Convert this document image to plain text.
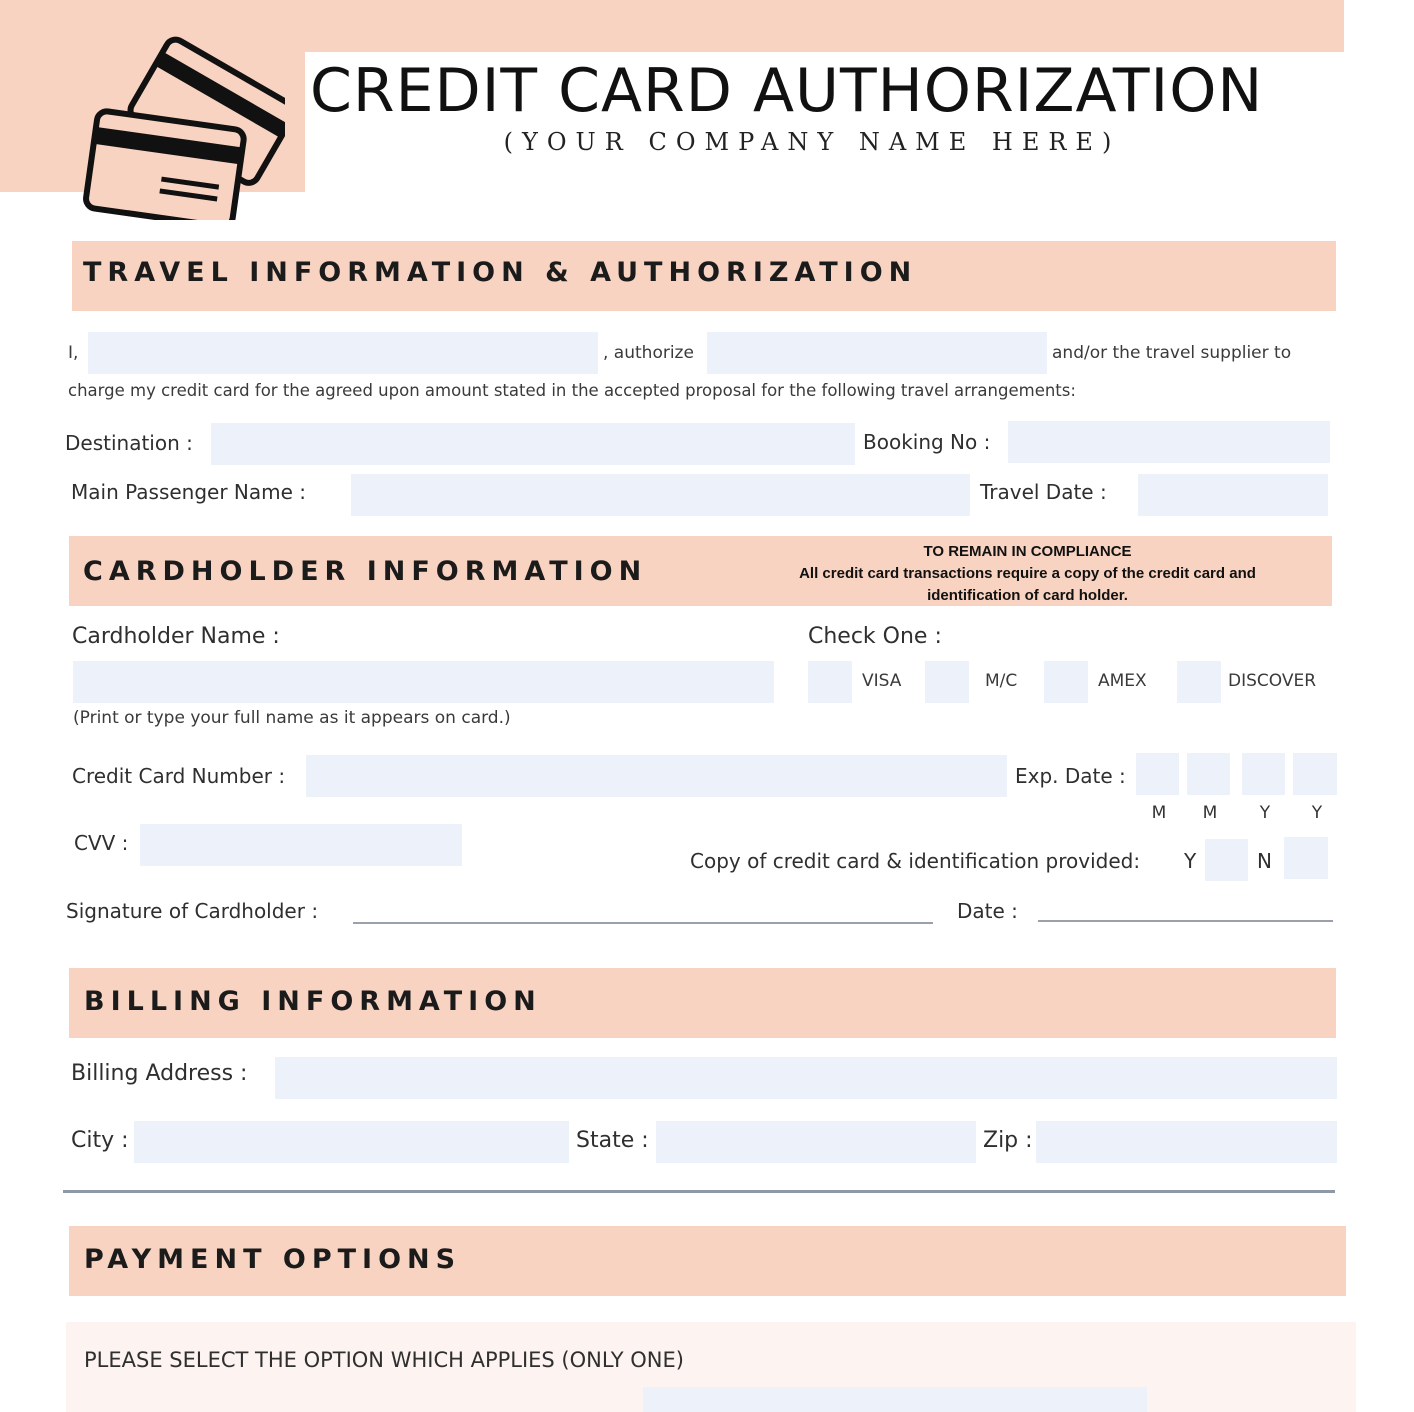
CREDIT CARD AUTHORIZATION
(YOUR COMPANY NAME HERE)
TRAVEL INFORMATION & AUTHORIZATION
I,	, authorize	and/or the travel supplier to
charge my credit card for the agreed upon amount stated in the accepted proposal for the following travel arrangements:
Destination :	Booking No :
Main Passenger Name :	Travel Date :
CARDHOLDER INFORMATION
TO REMAIN IN COMPLIANCE
All credit card transactions require a copy of the credit card and
identification of card holder.
Cardholder Name :	Check One :
VISA	M/C	AMEX	DISCOVER
(Print or type your full name as it appears on card.)
Credit Card Number :	Exp. Date :
M	M	Y	Y
CVV :
Copy of credit card & identification provided: Y	N
Signature of Cardholder :	Date :
BILLING INFORMATION
Billing Address :
City :	State :	Zip :
PAYMENT OPTIONS
PLEASE SELECT THE OPTION WHICH APPLIES (ONLY ONE)
